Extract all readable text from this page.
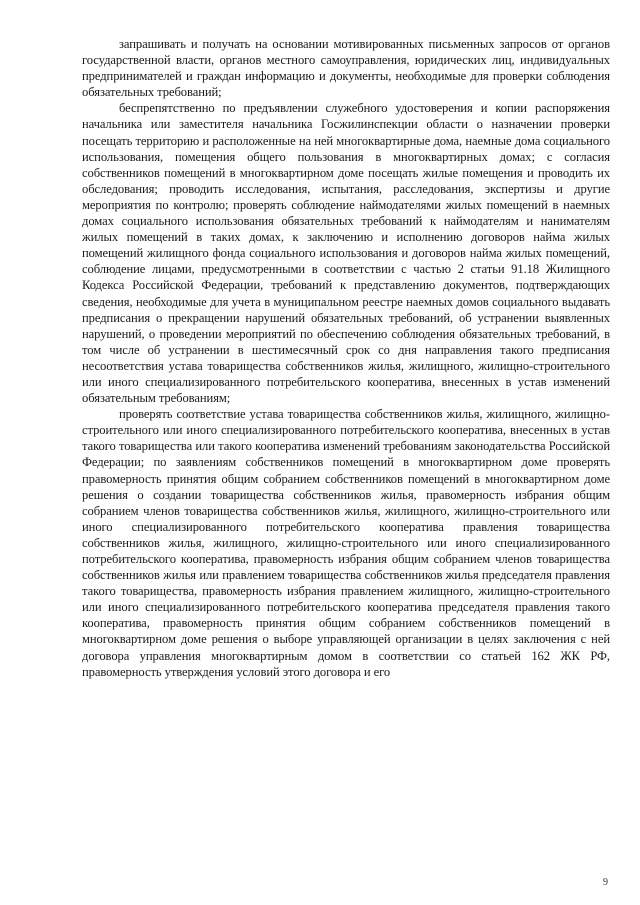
запрашивать и получать на основании мотивированных письменных запросов от органов государственной власти, органов местного самоуправления, юридических лиц, индивидуальных предпринимателей и граждан информацию и документы, необходимые для проверки соблюдения обязательных требований;

беспрепятственно по предъявлении служебного удостоверения и копии распоряжения начальника или заместителя начальника Госжилинспекции области о назначении проверки посещать территорию и расположенные на ней многоквартирные дома, наемные дома социального использования, помещения общего пользования в многоквартирных домах; с согласия собственников помещений в многоквартирном доме посещать жилые помещения и проводить их обследования; проводить исследования, испытания, расследования, экспертизы и другие мероприятия по контролю; проверять соблюдение наймодателями жилых помещений в наемных домах социального использования обязательных требований к наймодателям и нанимателям жилых помещений в таких домах, к заключению и исполнению договоров найма жилых помещений жилищного фонда социального использования и договоров найма жилых помещений, соблюдение лицами, предусмотренными в соответствии с частью 2 статьи 91.18 Жилищного Кодекса Российской Федерации, требований к представлению документов, подтверждающих сведения, необходимые для учета в муниципальном реестре наемных домов социального выдавать предписания о прекращении нарушений обязательных требований, об устранении выявленных нарушений, о проведении мероприятий по обеспечению соблюдения обязательных требований, в том числе об устранении в шестимесячный срок со дня направления такого предписания несоответствия устава товарищества собственников жилья, жилищного, жилищно-строительного или иного специализированного потребительского кооператива, внесенных в устав изменений обязательным требованиям;

проверять соответствие устава товарищества собственников жилья, жилищного, жилищно-строительного или иного специализированного потребительского кооператива, внесенных в устав такого товарищества или такого кооператива изменений требованиям законодательства Российской Федерации; по заявлениям собственников помещений в многоквартирном доме проверять правомерность принятия общим собранием собственников помещений в многоквартирном доме решения о создании товарищества собственников жилья, правомерность избрания общим собранием членов товарищества собственников жилья, жилищного, жилищно-строительного или иного специализированного потребительского кооператива правления товарищества собственников жилья, жилищного, жилищно-строительного или иного специализированного потребительского кооператива, правомерность избрания общим собранием членов товарищества собственников жилья или правлением товарищества собственников жилья председателя правления такого товарищества, правомерность избрания правлением жилищного, жилищно-строительного или иного специализированного потребительского кооператива председателя правления такого кооператива, правомерность принятия общим собранием собственников помещений в многоквартирном доме решения о выборе управляющей организации в целях заключения с ней договора управления многоквартирным домом в соответствии со статьей 162 ЖК РФ, правомерность утверждения условий этого договора и его

9
